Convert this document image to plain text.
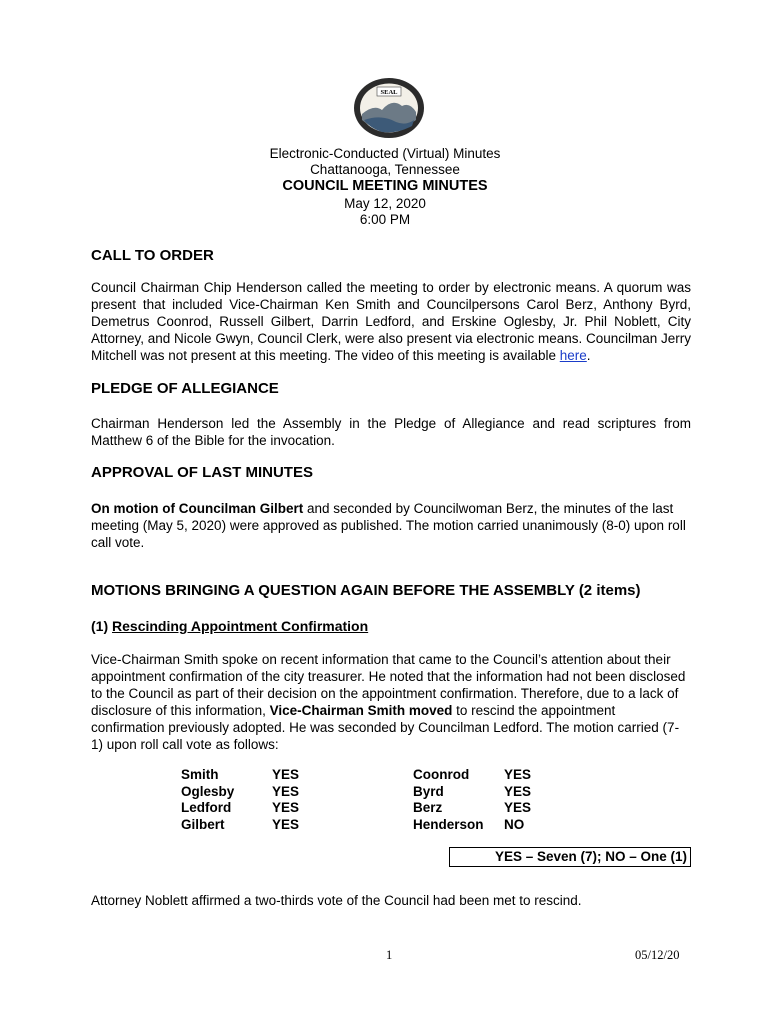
SEAL
Electronic-Conducted (Virtual) Minutes
Chattanooga, Tennessee
COUNCIL MEETING MINUTES
May 12, 2020
6:00 PM
CALL TO ORDER

Council Chairman Chip Henderson called the meeting to order by electronic means. A quorum was present that included Vice-Chairman Ken Smith and Councilpersons Carol Berz, Anthony Byrd, Demetrus Coonrod, Russell Gilbert, Darrin Ledford, and Erskine Oglesby, Jr. Phil Noblett, City Attorney, and Nicole Gwyn, Council Clerk, were also present via electronic means. Councilman Jerry Mitchell was not present at this meeting. The video of this meeting is available here.

PLEDGE OF ALLEGIANCE

Chairman Henderson led the Assembly in the Pledge of Allegiance and read scriptures from Matthew 6 of the Bible for the invocation.

APPROVAL OF LAST MINUTES

On motion of Councilman Gilbert and seconded by Councilwoman Berz, the minutes of the last meeting (May 5, 2020) were approved as published. The motion carried unanimously (8-0) upon roll call vote.

MOTIONS BRINGING A QUESTION AGAIN BEFORE THE ASSEMBLY (2 items)
(1) Rescinding Appointment Confirmation

Vice-Chairman Smith spoke on recent information that came to the Council’s attention about their appointment confirmation of the city treasurer. He noted that the information had not been disclosed to the Council as part of their decision on the appointment confirmation. Therefore, due to a lack of disclosure of this information, Vice-Chairman Smith moved to rescind the appointment confirmation previously adopted. He was seconded by Councilman Ledford. The motion carried (7-1) upon roll call vote as follows:

Smith
Oglesby
Ledford
Gilbert
YES
YES
YES
YES
Coonrod
Byrd
Berz
Henderson
YES
YES
YES
NO
YES – Seven (7); NO – One (1)

Attorney Noblett affirmed a two-thirds vote of the Council had been met to rescind.

1	05/12/20
